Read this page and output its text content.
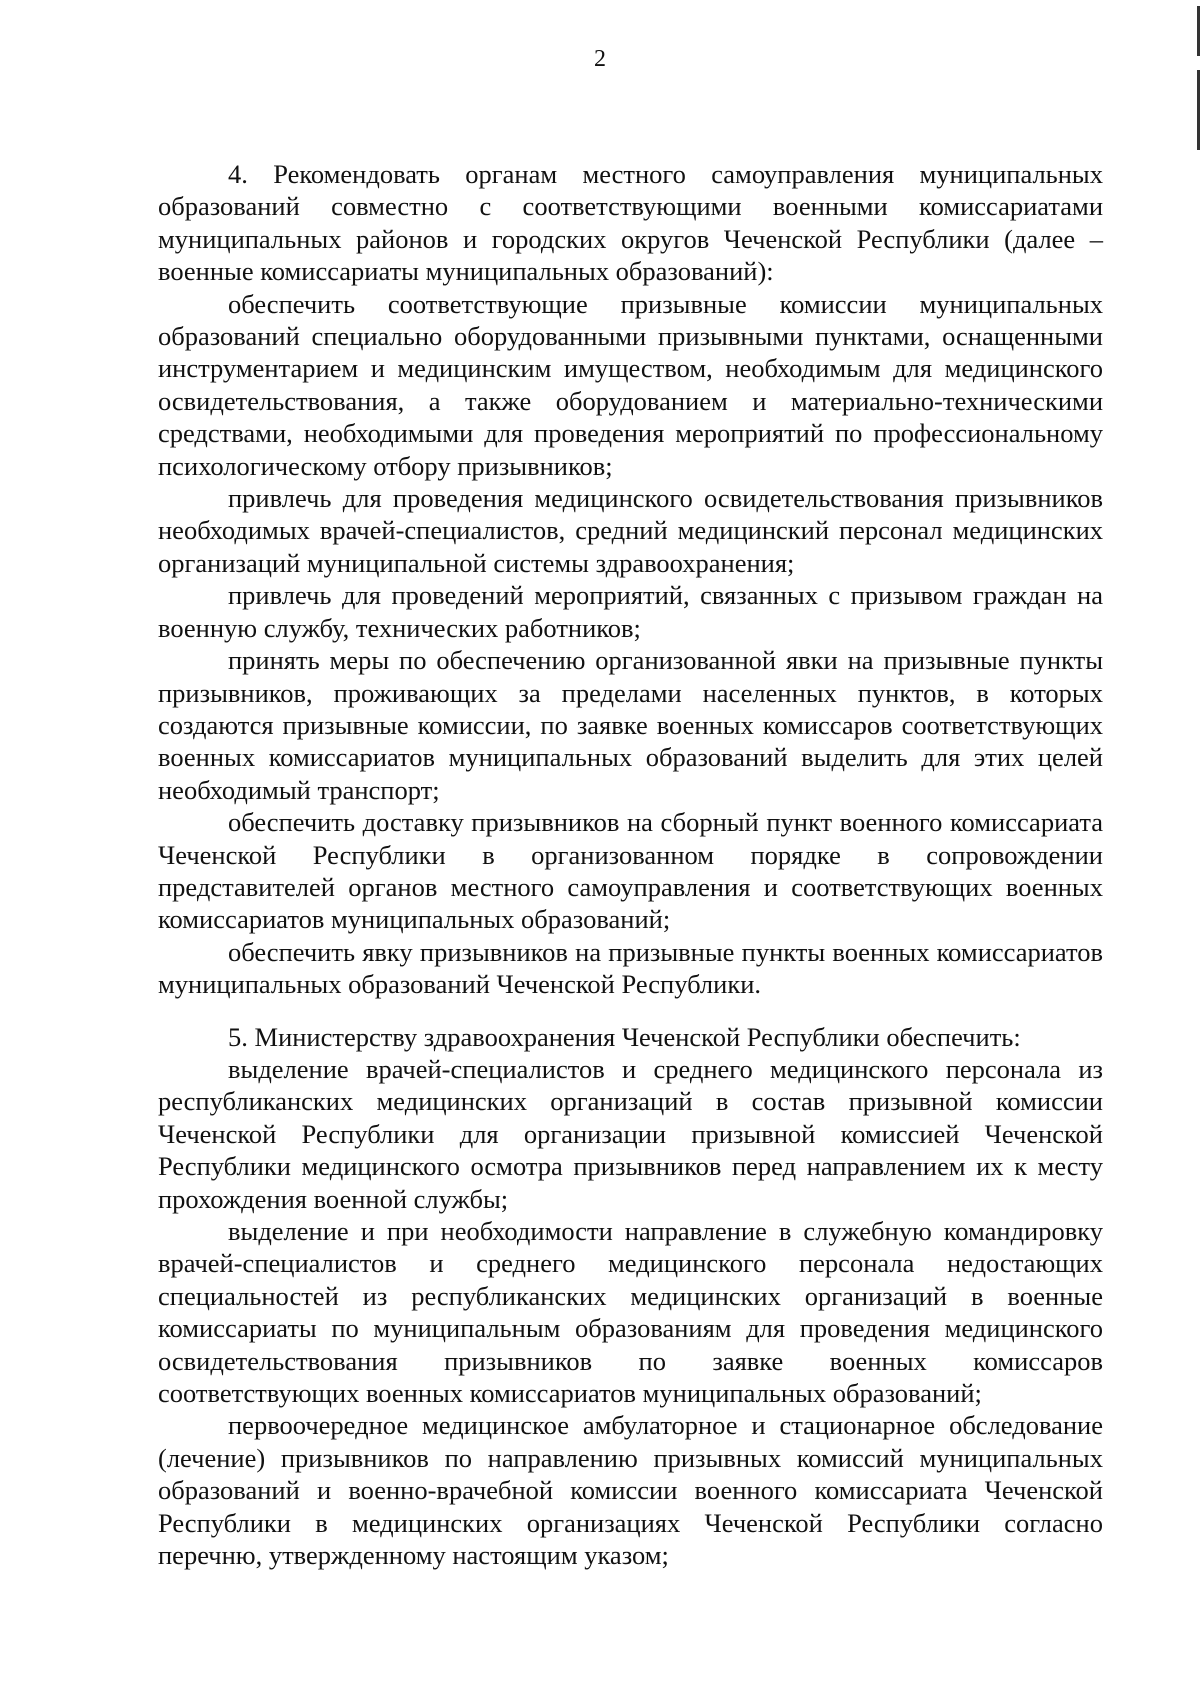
2

4. Рекомендовать органам местного самоуправления муниципальных образований совместно с соответствующими военными комиссариатами муниципальных районов и городских округов Чеченской Республики (далее – военные комиссариаты муниципальных образований):

обеспечить соответствующие призывные комиссии муниципальных образований специально оборудованными призывными пунктами, оснащенными инструментарием и медицинским имуществом, необходимым для медицинского освидетельствования, а также оборудованием и материально-техническими средствами, необходимыми для проведения мероприятий по профессиональному психологическому отбору призывников;

привлечь для проведения медицинского освидетельствования призывников необходимых врачей-специалистов, средний медицинский персонал медицинских организаций муниципальной системы здравоохранения;

привлечь для проведений мероприятий, связанных с призывом граждан на военную службу, технических работников;

принять меры по обеспечению организованной явки на призывные пункты призывников, проживающих за пределами населенных пунктов, в которых создаются призывные комиссии, по заявке военных комиссаров соответствующих военных комиссариатов муниципальных образований выделить для этих целей необходимый транспорт;

обеспечить доставку призывников на сборный пункт военного комиссариата Чеченской Республики в организованном порядке в сопровождении представителей органов местного самоуправления и соответствующих военных комиссариатов муниципальных образований;

обеспечить явку призывников на призывные пункты военных комиссариатов муниципальных образований Чеченской Республики.

5. Министерству здравоохранения Чеченской Республики обеспечить:

выделение врачей-специалистов и среднего медицинского персонала из республиканских медицинских организаций в состав призывной комиссии Чеченской Республики для организации призывной комиссией Чеченской Республики медицинского осмотра призывников перед направлением их к месту прохождения военной службы;

выделение и при необходимости направление в служебную командировку врачей-специалистов и среднего медицинского персонала недостающих специальностей из республиканских медицинских организаций в военные комиссариаты по муниципальным образованиям для проведения медицинского освидетельствования призывников по заявке военных комиссаров соответствующих военных комиссариатов муниципальных образований;

первоочередное медицинское амбулаторное и стационарное обследование (лечение) призывников по направлению призывных комиссий муниципальных образований и военно-врачебной комиссии военного комиссариата Чеченской Республики в медицинских организациях Чеченской Республики согласно перечню, утвержденному настоящим указом;
